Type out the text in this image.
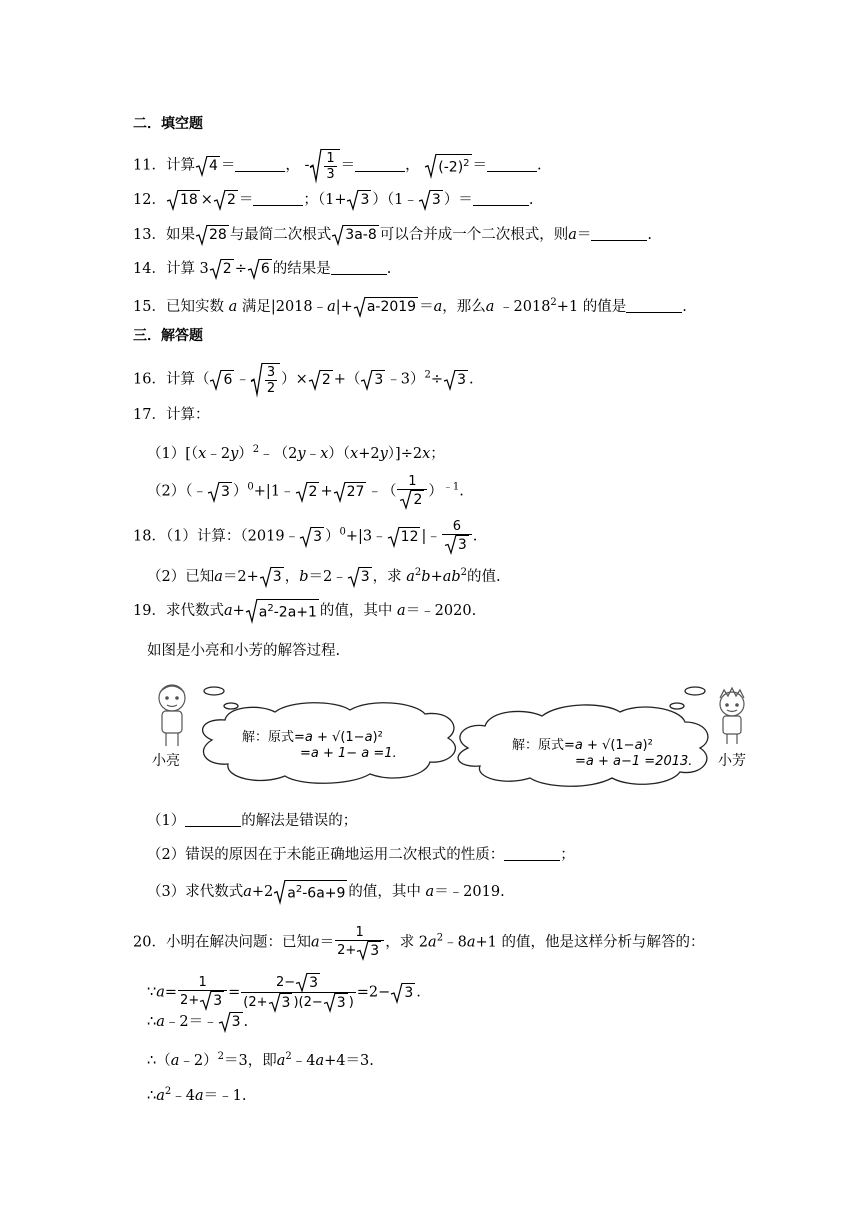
二．填空题
11．计算 4 ＝	， - $\frac{1}{3}$ ＝	， $(-2)^2$ ＝	.
12． 18 × 2 ＝	；（1+ 3 ）（1﹣ 3 ）＝	.
13．如果 28 与最简二次根式 3a-8 可以合并成一个二次根式，则a＝	.
14．计算 3 2 ÷ 6 的结果是	.
15．已知实数 a 满足|2018﹣a|+ a-2019 ＝a，那么a $﹣2018^2+1$ 的值是	.
三．解答题
16．计算（ 6 ﹣ $\frac{3}{2}$ ）× 2 +（ 3 ﹣3）$^2$÷ 3 .
17．计算：
（1）[（x﹣2y）$^2$﹣（2y﹣x）（x+2y）]÷2x；
（2）（﹣ 3 ）$^0$+|1﹣ 2 + 27 ﹣（ $\frac{1}{2} )^{﹣1}$.
18．（1）计算：（2019﹣ 3 ）$^0$+|3﹣ 12 |﹣ $\frac{6}{3}$ .
（2）已知a＝2+ 3 ，b＝2﹣ 3 ，求 $a^2b+ab^2$的值.
19．求代数式$a+ a^2-2a+1$ 的值，其中 a＝﹣2020.
如图是小亮和小芳的解答过程.
小亮	小芳
解：原式=a + √(1−a)²
=a + 1− a =1.
解：原式=a + √(1−a)²
=a + a−1 =2013.
（1）	的解法是错误的；
（2）错误的原因在于未能正确地运用二次根式的性质：	；
（3）求代数式a+2 $a^2-6a+9$ 的值，其中 a＝﹣2019.
20．小明在解决问题：已知$a= \frac{1}{2+ 3}$ ，求 $2a^2﹣8a+1$ 的值，他是这样分析与解答的：
∵a= $\frac{1}{2+ 3} = \frac{2- 3}{(2+ 3 )(2- 3 )} =2- 3$ .
∴a﹣2＝﹣ 3 .
∴（a﹣2）$^2$＝3，即$a^2﹣4a+4=3$.
$\therefore a^2﹣4a=﹣1$.
